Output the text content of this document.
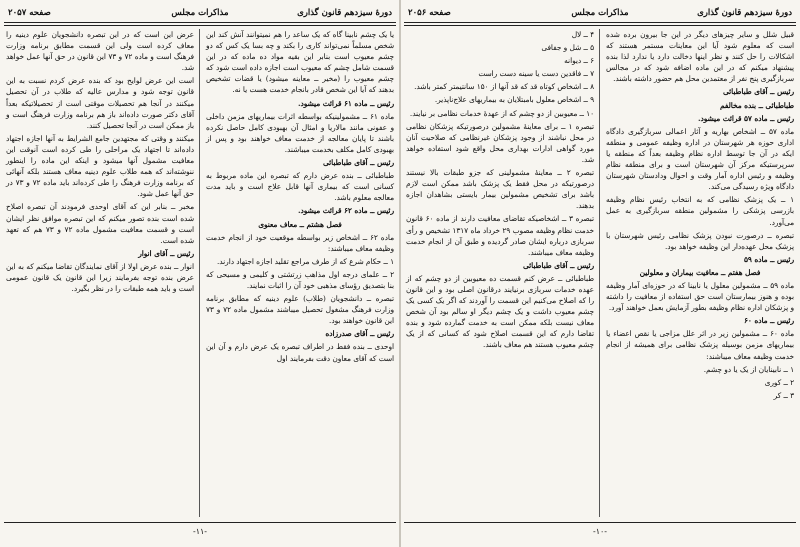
دورهٔ سیزدهم قانون گذاری
مذاکرات مجلس
صفحه ۲۰۵۷

یا یک چشم نابینا گاه که یک ساعد را هم نمیتوانند آنش کند این شخص مسلماً نمی‌تواند کاری را بکند و چه بسا یک کس که دو چشم معیوب است بنابر این بقیه مواد ده ماده که در این قسمت شامل چشم که معیوب است اجازه داده است شود که چشم معیوب را (مخیر ــ معاینه میشود) یا قضات تشخیص بدهند که آیا این شخص قادر بانجام خدمت هست یا نه.

رئیس ــ ماده ۶۱ قرائت میشود.

ماده ۶۱ ــ مشمولینیکه بواسطه اثرات بیماریهای مزمن داخلی و عفونی مانند مالاریا و امثال آن بهبودی کامل حاصل نکرده باشند تا پایان معالجه از خدمت معاف خواهند بود و پس از بهبودی کامل مکلف بخدمت میباشند.

رئیس ــ آقای طباطبائی

طباطبائی ــ بنده عرض دارم که تبصره این ماده مربوط به کسانی است که بیماری آنها قابل علاج است و باید مدت معالجه معلوم باشد.

رئیس ــ ماده ۶۲ قرائت میشود.

فصل هشتم ــ معاف معنوی

ماده ۶۲ ــ اشخاص زیر بواسطه موقعیت خود از انجام خدمت وظیفه معاف میباشند:

۱ ــ حکام شرع که از طرف مراجع تقلید اجازه اجتهاد دارند.

۲ ــ علمای درجه اول مذاهب زرتشتی و کلیمی و مسیحی که بنا بتصدیق رؤسای مذهبی خود آن را اثبات نمایند.

تبصره ــ دانشجویان (طلاب) علوم دینیه که مطابق برنامه وزارت فرهنگ مشغول تحصیل میباشند مشمول ماده ۷۲ و ۷۳ این قانون خواهند بود.

رئیس ــ آقای صدرزاده

اوحدی ــ بنده فقط در اطراف تبصره یک عرض دارم و آن این است که آقای معاون دقت بفرمایند اول

عرض این است که در این تبصره دانشجویان علوم دینیه را معاف کرده است ولی این قسمت مطابق برنامه وزارت فرهنگ است و ماده ۷۲ و ۷۳ این قانون در حق آنها عمل خواهد شد.

است این عرض لوایح بود که بنده عرض کردم نسبت به این قانون توجه شود و مدارس عالیه که طلاب در آن تحصیل میکنند در آنجا هم تحصیلات موقتی است از تحصیلاتیکه بعداً آقای دکتر صورت داده‌اند باز هم برنامه وزارت فرهنگ است و باز ممکن است در آنجا تحصیل کنند.

میکنند و وقتی که مجتهدین جامع الشرایط به آنها اجازه اجتهاد داده‌اند تا اجتهاد یک مراحلی را طی کرده است آنوقت این معافیت مشمول آنها میشود و اینکه این ماده را اینطور ننوشته‌اند که همه طلاب علوم دینیه معاف هستند بلکه آنهائی که برنامه وزارت فرهنگ را طی کرده‌اند باید ماده ۷۲ و ۷۳ در حق آنها عمل شود.

مخبر ــ بنابر این که آقای اوحدی فرمودند آن تبصره اصلاح شده است بنده تصور میکنم که این تبصره موافق نظر ایشان است و قسمت معافیت مشمول ماده ۷۲ و ۷۳ هم که تعهد شده است.

رئیس ــ آقای انوار

انوار ــ بنده عرض اولا از آقای نمایندگان تقاضا میکنم که به این عرض بنده توجه بفرمایند زیرا این قانون یک قانون عمومی است و باید همه طبقات را در نظر بگیرد.

-۱۱-
دورهٔ سیزدهم قانون گذاری
مذاکرات مجلس
صفحه ۲۰۵۶

قبیل شلل و سایر چیزهای دیگر در این جا بیرون برده شده است که معلوم شود آیا این معاینات مستمر هستند که اشکالات را حل کنند و نظر اینها دخالت دارد یا ندارد لذا بنده پیشنهاد میکنم که در این ماده اضافه شود که در مجالس سربازگیری پنج نفر از معتمدین محل هم حضور داشته باشند.

رئیس ــ آقای طباطبائی

طباطبائی ــ بنده مخالفم

رئیس ــ ماده ۵۷ قرائت میشود.

ماده ۵۷ ــ اشخاص بهاریه و آثار اعمالی سربازگیری دادگاه اداری حوزه هر شهرستان در اداره وظیفه عمومی و منطقه ایکه در آن جا توسط اداره نظام وظیفه بعداً که منطقه یا سرپرستیکه مرکز آن شهرستان است و برای منطقه نظام وظیفه و رئیس اداره آمار وقت و احوال ودادستان شهرستان دادگاه ویژه رسیدگی می‌کند.

۱ ــ یک پزشک نظامی که به انتخاب رئیس نظام وظیفه بازرسی پزشکی را مشمولین منطقه سربازگیری به عمل می‌آورد.

تبصره ــ درصورت نبودن پزشک نظامی رئیس شهرستان با پزشک محل عهده‌دار این وظیفه خواهد بود.

رئیس ــ ماده ۵۹

فصل هفتم ــ معافیت بیماران و معلولین

ماده ۵۹ ــ مشمولین معلول یا نابینا که در حوزه‌ای آمار وظیفه بوده و هنوز بیمارستان است حق استفاده از معافیت را داشته و پزشکان اداره نظام وظیفه بطور آزمایش بعمل خواهند آورد.

رئیس ــ ماده ۶۰

ماده ۶۰ ــ مشمولین زیر در اثر علل مزاجی یا نقص اعضاء یا بیماریهای مزمن بوسیله پزشک نظامی برای همیشه از انجام خدمت وظیفه معاف میباشند:

۱ ــ نابینایان از یک یا دو چشم.

۲ ــ کوری

۳ ــ کر

۴ ــ لال

۵ ــ شل و جفافی

۶ ــ دیوانه

۷ ــ فاقدین دست یا سینه دست راست

۸ ــ اشخاص کوتاه قد که قد آنها از ۱۵۰ سانتیمتر کمتر باشد.

۹ ــ اشخاص معلول بامبتلایان به بیماریهای علاج‌ناپذیر.

۱۰ ــ معیوبین از دو چشم که از عهدهٔ خدمات نظامی بر نیایند.

تبصره ۱ ــ برای معاینهٔ مشمولین درصورتیکه پزشکان نظامی در محل نباشند از وجود پزشکان غیرنظامی که صلاحیت آنان مورد گواهی ادارات بهداری محل واقع شود استفاده خواهد شد.

تبصره ۲ ــ معاینهٔ مشمولینی که جزو طبقات بالا نیستند درصورتیکه در محل فقط یک پزشک باشد ممکن است لازم باشد برای تشخیص مشمولین بیمار بایستی بشاهدان اجازه بدهند.

تبصره ۳ ــ اشخاصیکه تقاضای معافیت دارند از ماده ۶۰ قانون خدمت نظام وظیفه مصوب ۲۹ خرداد ماه ۱۳۱۷ تشخیص و رأی سربازی درباره ایشان صادر گردیده و طبق آن از انجام خدمت وظیفه معاف میباشند.

رئیس ــ آقای طباطبائی

طباطبائی ــ عرض کنم قسمت ده معیوبین از دو چشم که از عهده خدمات سربازی برنیایند درقانون اصلی بود و این قانون را که اصلاح می‌کنیم این قسمت را آوردند که اگر یک کسی یک چشم معیوب داشت و یک چشم دیگر او سالم بود آن شخص معاف نیست بلکه ممکن است به خدمت گمارده شود و بنده تقاضا دارم که این قسمت اصلاح شود که کسانی که از یک چشم معیوب هستند هم معاف باشند.

-۱۰-
